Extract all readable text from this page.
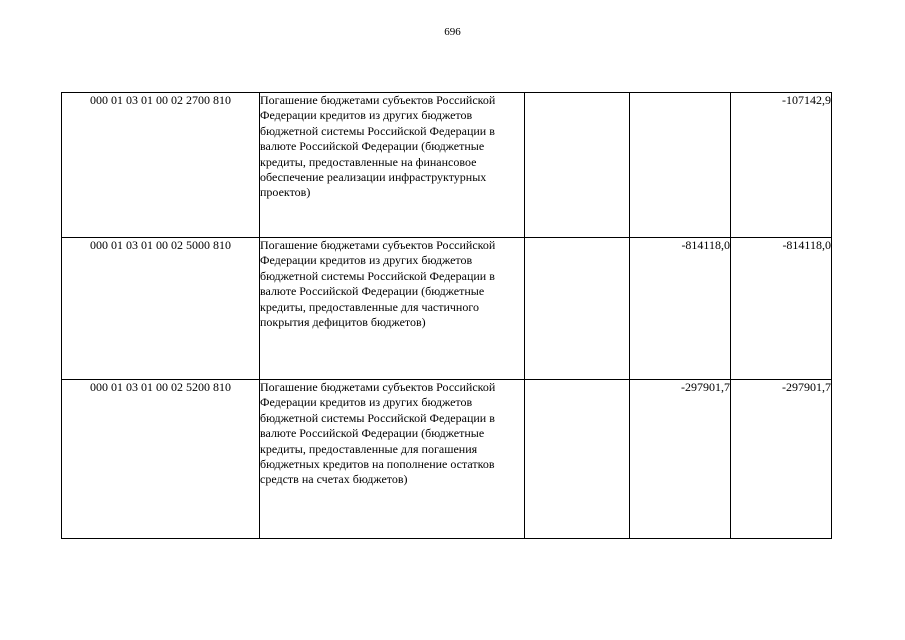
696
000 01 03 01 00 02 2700 810	Погашение бюджетами субъектов Российской Федерации кредитов из других бюджетов бюджетной системы Российской Федерации в валюте Российской Федерации (бюджетные кредиты, предоставленные на финансовое обеспечение реализации инфраструктурных проектов)			-107142,9
000 01 03 01 00 02 5000 810	Погашение бюджетами субъектов Российской Федерации кредитов из других бюджетов бюджетной системы Российской Федерации в валюте Российской Федерации (бюджетные кредиты, предоставленные для частичного покрытия дефицитов бюджетов)		-814118,0	-814118,0
000 01 03 01 00 02 5200 810	Погашение бюджетами субъектов Российской Федерации кредитов из других бюджетов бюджетной системы Российской Федерации в валюте Российской Федерации (бюджетные кредиты, предоставленные для погашения бюджетных кредитов на пополнение остатков средств на счетах бюджетов)		-297901,7	-297901,7
